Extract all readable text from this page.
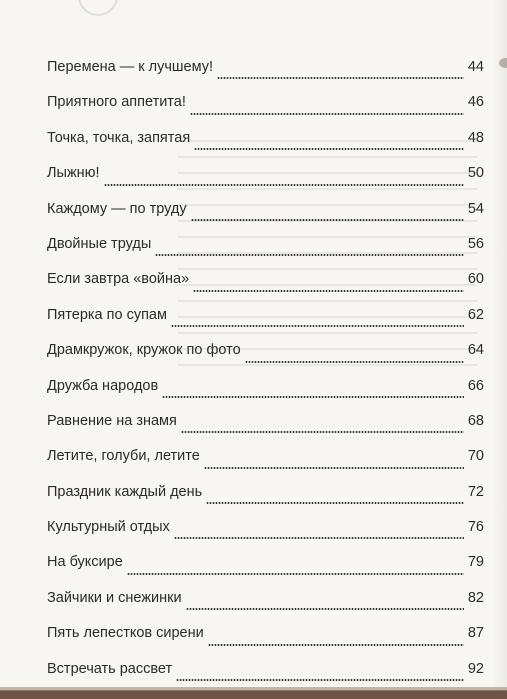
Перемена — к лучшему!	44
Приятного аппетита!	46
Точка, точка, запятая	48
Лыжню!	50
Каждому — по труду	54
Двойные труды	56
Если завтра «война»	60
Пятерка по супам	62
Драмкружок, кружок по фото	64
Дружба народов	66
Равнение на знамя	68
Летите, голуби, летите	70
Праздник каждый день	72
Культурный отдых	76
На буксире	79
Зайчики и снежинки	82
Пять лепестков сирени	87
Встречать рассвет	92
